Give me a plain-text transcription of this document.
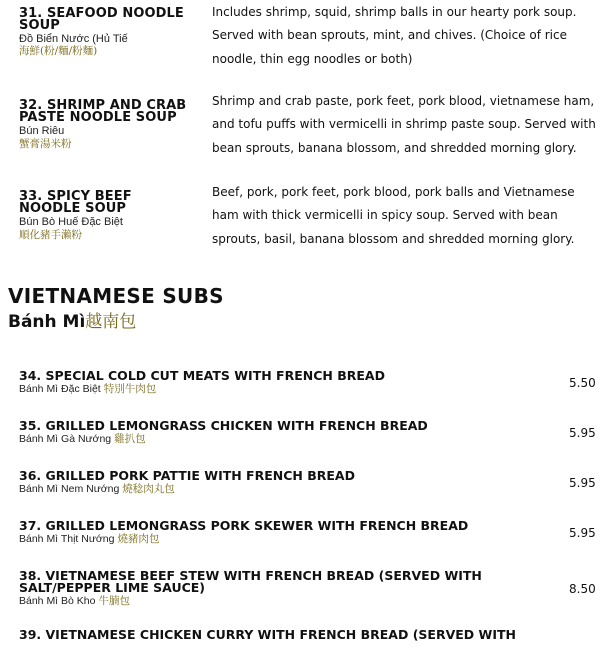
31. SEAFOOD NOODLE SOUP
Đồ Biển Nước (Hủ Tiế
海鮮(粉/麵/粉麵)
Includes shrimp, squid, shrimp balls in our hearty pork soup. Served with bean sprouts, mint, and chives. (Choice of rice noodle, thin egg noodles or both)
32. SHRIMP AND CRAB PASTE NOODLE SOUP
Bún Riêu
蟹膏湯米粉
Shrimp and crab paste, pork feet, pork blood, vietnamese ham, and tofu puffs with vermicelli in shrimp paste soup. Served with bean sprouts, banana blossom, and shredded morning glory.
33. SPICY BEEF NOODLE SOUP
Bún Bò Huế Đặc Biệt
順化豬手瀨粉
Beef, pork, pork feet, pork blood, pork balls and Vietnamese ham with thick vermicelli in spicy soup. Served with bean sprouts, basil, banana blossom and shredded morning glory.
VIETNAMESE SUBS
Bánh Mì越南包
34. SPECIAL COLD CUT MEATS WITH FRENCH BREAD
Bánh Mì Đặc Biệt 特別牛肉包	5.50
35. GRILLED LEMONGRASS CHICKEN WITH FRENCH BREAD
Bánh Mì Gà Nướng 雞扒包	5.95
36. GRILLED PORK PATTIE WITH FRENCH BREAD
Bánh Mì Nem Nướng 燒稔肉丸包	5.95
37. GRILLED LEMONGRASS PORK SKEWER WITH FRENCH BREAD
Bánh Mì Thịt Nướng 燒豬肉包	5.95
38. VIETNAMESE BEEF STEW WITH FRENCH BREAD (SERVED WITH SALT/PEPPER LIME SAUCE)
Bánh Mì Bò Kho 牛腩包
8.50
39. VIETNAMESE CHICKEN CURRY WITH FRENCH BREAD (SERVED WITH
